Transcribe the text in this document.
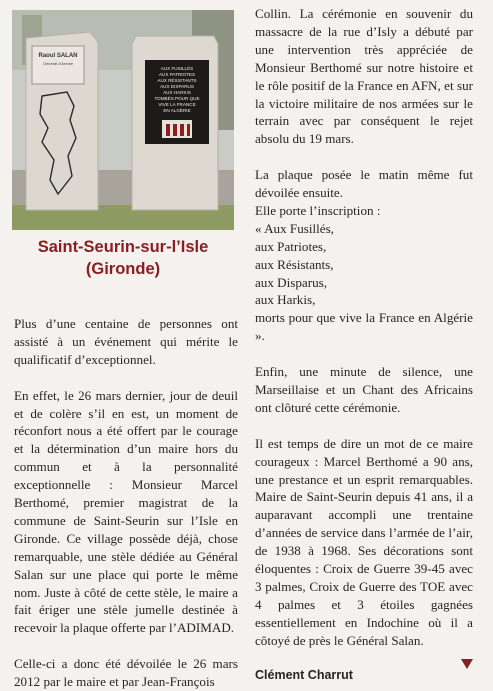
Raoul SALAN
Général d'Armée
AUX FUSILLÉS
AUX PATRIOTES
AUX RÉSISTANTS
AUX DISPARUS
AUX HARKIS
TOMBÉS POUR QUE
VIVE LA FRANCE
EN ALGÉRIE
Saint-Seurin-sur-l’Isle
(Gironde)

Plus d’une centaine de personnes ont assisté à un événement qui mérite le qualificatif d’exceptionnel.

En effet, le 26 mars dernier, jour de deuil et de colère s’il en est, un moment de réconfort nous a été offert par le courage et la détermination d’un maire hors du commun et à la personnalité exceptionnelle : Monsieur Marcel Berthomé, premier magistrat de la commune de Saint-Seurin sur l’Isle en Gironde. Ce village possède déjà, chose remarquable, une stèle dédiée au Général Salan sur une place qui porte le même nom. Juste à côté de cette stèle, le maire a fait ériger une stèle jumelle destinée à recevoir la plaque offerte par l’ADIMAD.

Celle-ci a donc été dévoilée le 26 mars 2012 par le maire et par Jean-François

Collin. La cérémonie en souvenir du massacre de la rue d’Isly a débuté par une intervention très appréciée de Monsieur Berthomé sur notre histoire et le rôle positif de la France en AFN, et sur la victoire militaire de nos armées sur le terrain avec par conséquent le rejet absolu du 19 mars.

La plaque posée le matin même fut dévoilée ensuite.

Elle porte l’inscription :
« Aux Fusillés,
aux Patriotes,
aux Résistants,
aux Disparus,
aux Harkis,
morts pour que vive la France en Algérie ».

Enfin, une minute de silence, une Marseillaise et un Chant des Africains ont clôturé cette cérémonie.

Il est temps de dire un mot de ce maire courageux : Marcel Berthomé a 90 ans, une prestance et un esprit remarquables. Maire de Saint-Seurin depuis 41 ans, il a auparavant accompli une trentaine d’années de service dans l’armée de l’air, de 1938 à 1968. Ses décorations sont éloquentes : Croix de Guerre 39-45 avec 3 palmes, Croix de Guerre des TOE avec 4 palmes et 3 étoiles gagnées essentiellement en Indochine où il a côtoyé de près le Général Salan.

Clément Charrut
